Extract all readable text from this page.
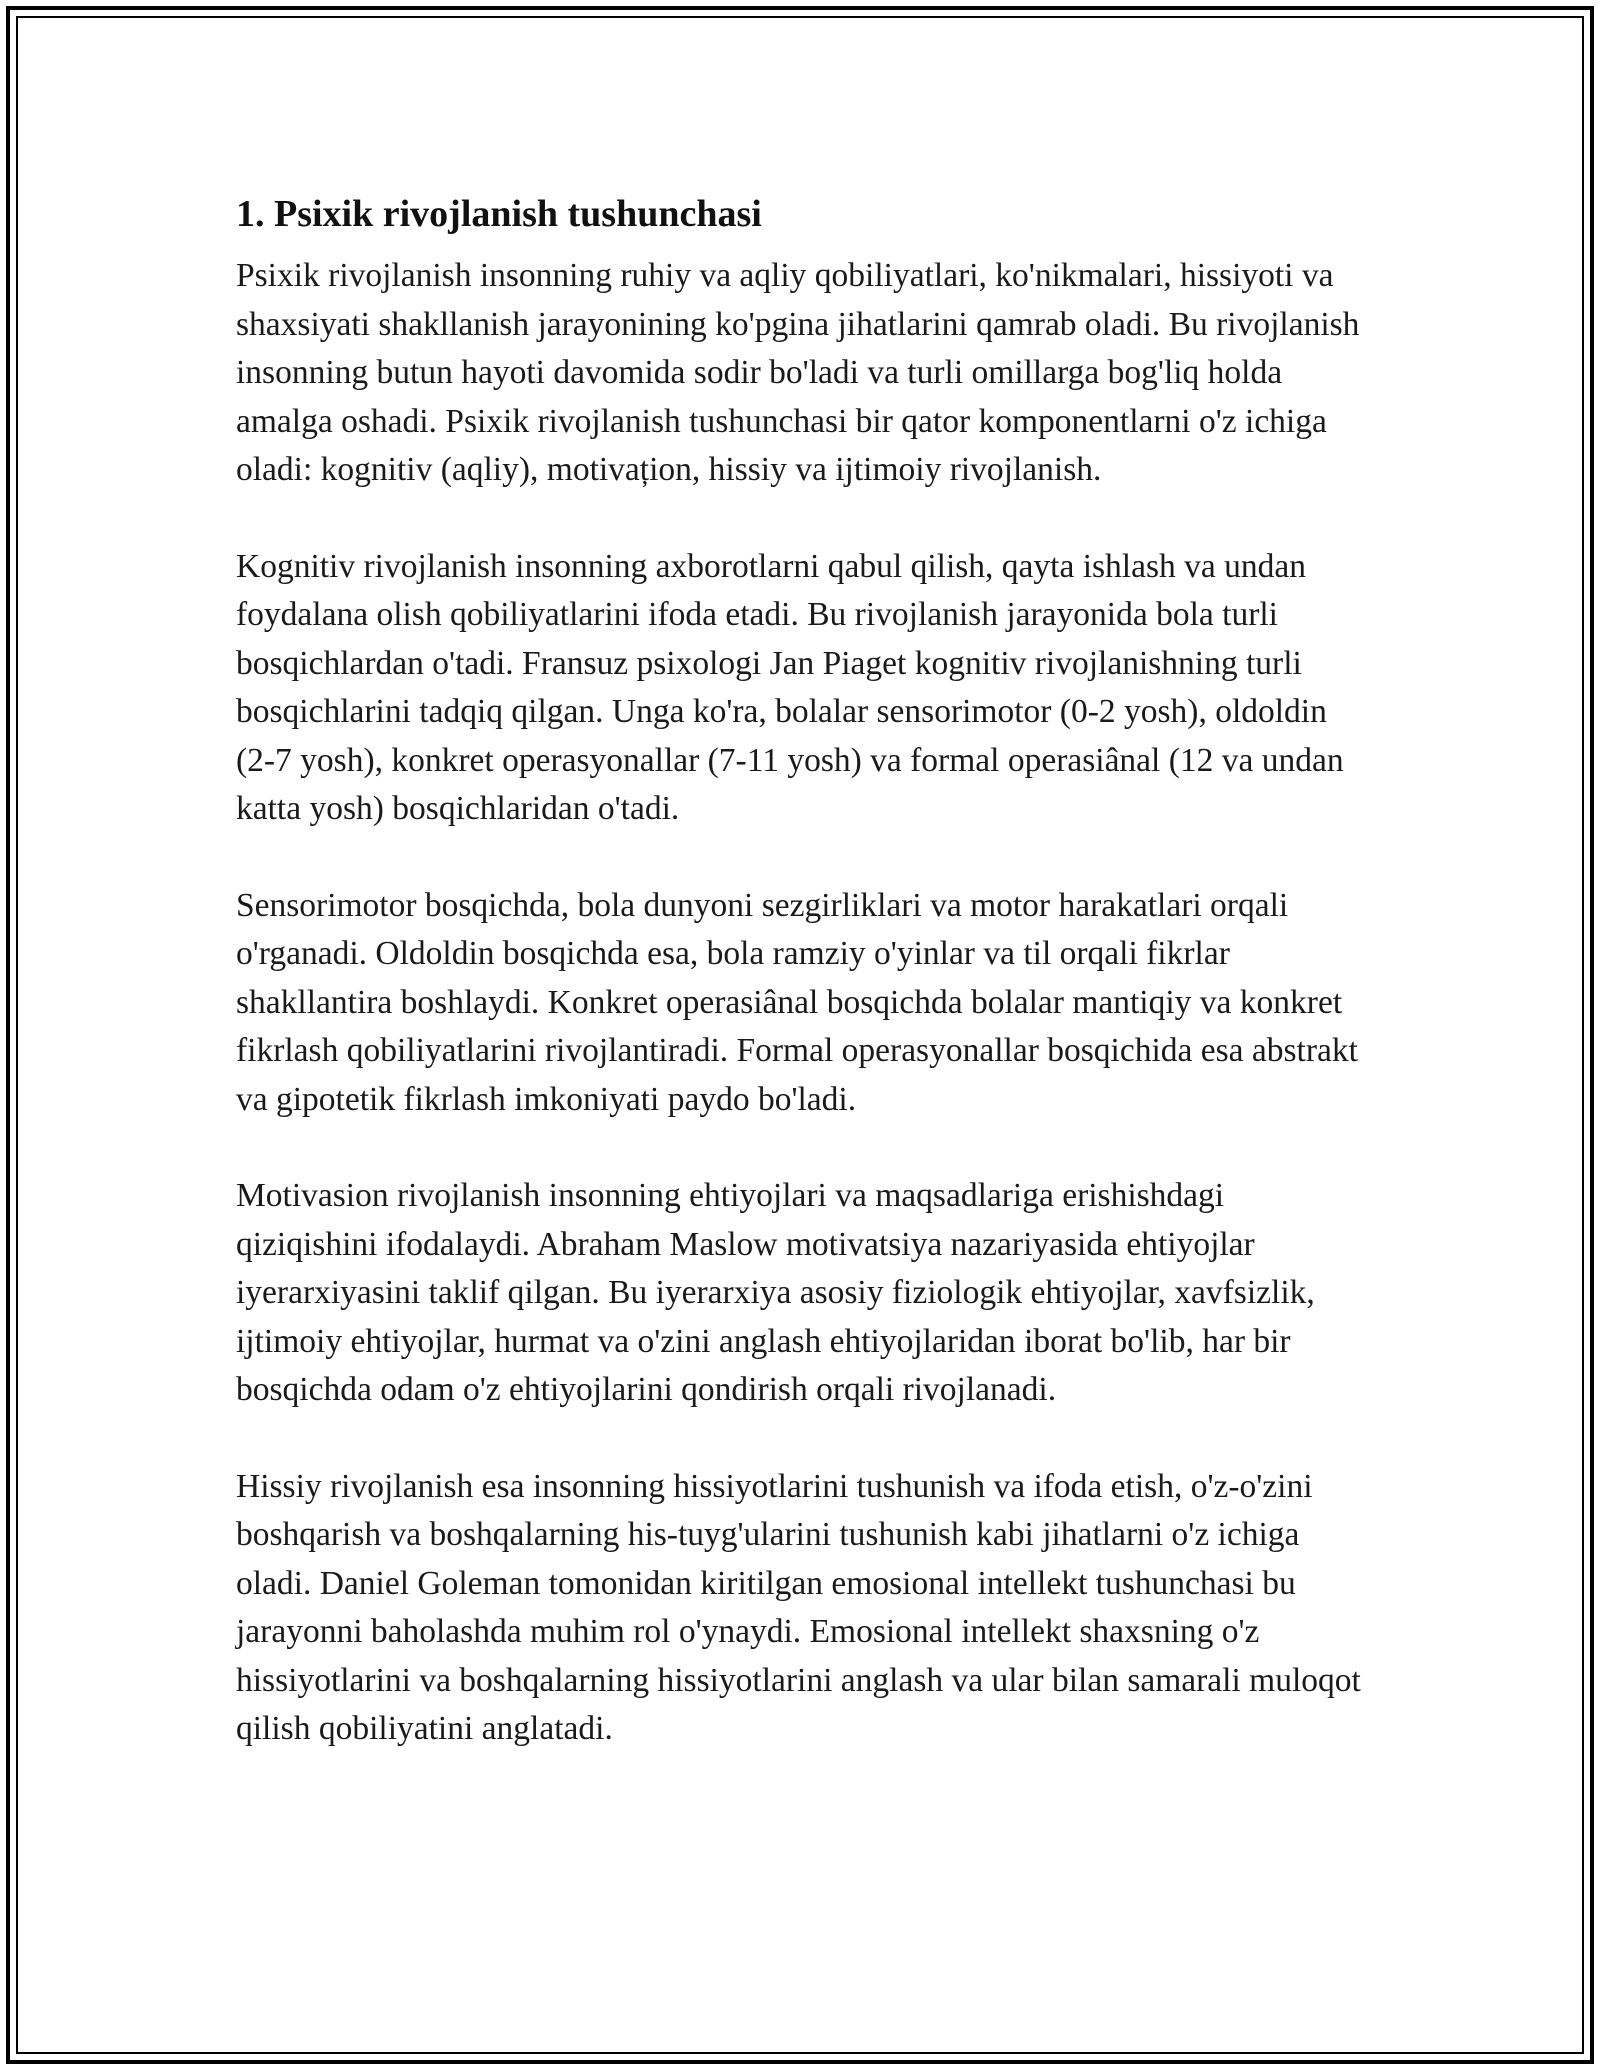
1. Psixik rivojlanish tushunchasi

Psixik rivojlanish insonning ruhiy va aqliy qobiliyatlari, ko'nikmalari, hissiyoti va shaxsiyati shakllanish jarayonining ko'pgina jihatlarini qamrab oladi. Bu rivojlanish insonning butun hayoti davomida sodir bo'ladi va turli omillarga bog'liq holda amalga oshadi. Psixik rivojlanish tushunchasi bir qator komponentlarni o'z ichiga oladi: kognitiv (aqliy), motivațion, hissiy va ijtimoiy rivojlanish.

Kognitiv rivojlanish insonning axborotlarni qabul qilish, qayta ishlash va undan foydalana olish qobiliyatlarini ifoda etadi. Bu rivojlanish jarayonida bola turli bosqichlardan o'tadi. Fransuz psixologi Jan Piaget kognitiv rivojlanishning turli bosqichlarini tadqiq qilgan. Unga ko'ra, bolalar sensorimotor (0-2 yosh), oldoldin (2-7 yosh), konkret operasyonallar (7-11 yosh) va formal operasiânal (12 va undan katta yosh) bosqichlaridan o'tadi.

Sensorimotor bosqichda, bola dunyoni sezgirliklari va motor harakatlari orqali o'rganadi. Oldoldin bosqichda esa, bola ramziy o'yinlar va til orqali fikrlar shakllantira boshlaydi. Konkret operasiânal bosqichda bolalar mantiqiy va konkret fikrlash qobiliyatlarini rivojlantiradi. Formal operasyonallar bosqichida esa abstrakt va gipotetik fikrlash imkoniyati paydo bo'ladi.

Motivasion rivojlanish insonning ehtiyojlari va maqsadlariga erishishdagi qiziqishini ifodalaydi. Abraham Maslow motivatsiya nazariyasida ehtiyojlar iyerarxiyasini taklif qilgan. Bu iyerarxiya asosiy fiziologik ehtiyojlar, xavfsizlik, ijtimoiy ehtiyojlar, hurmat va o'zini anglash ehtiyojlaridan iborat bo'lib, har bir bosqichda odam o'z ehtiyojlarini qondirish orqali rivojlanadi.

Hissiy rivojlanish esa insonning hissiyotlarini tushunish va ifoda etish, o'z-o'zini boshqarish va boshqalarning his-tuyg'ularini tushunish kabi jihatlarni o'z ichiga oladi. Daniel Goleman tomonidan kiritilgan emosional intellekt tushunchasi bu jarayonni baholashda muhim rol o'ynaydi. Emosional intellekt shaxsning o'z hissiyotlarini va boshqalarning hissiyotlarini anglash va ular bilan samarali muloqot qilish qobiliyatini anglatadi.
